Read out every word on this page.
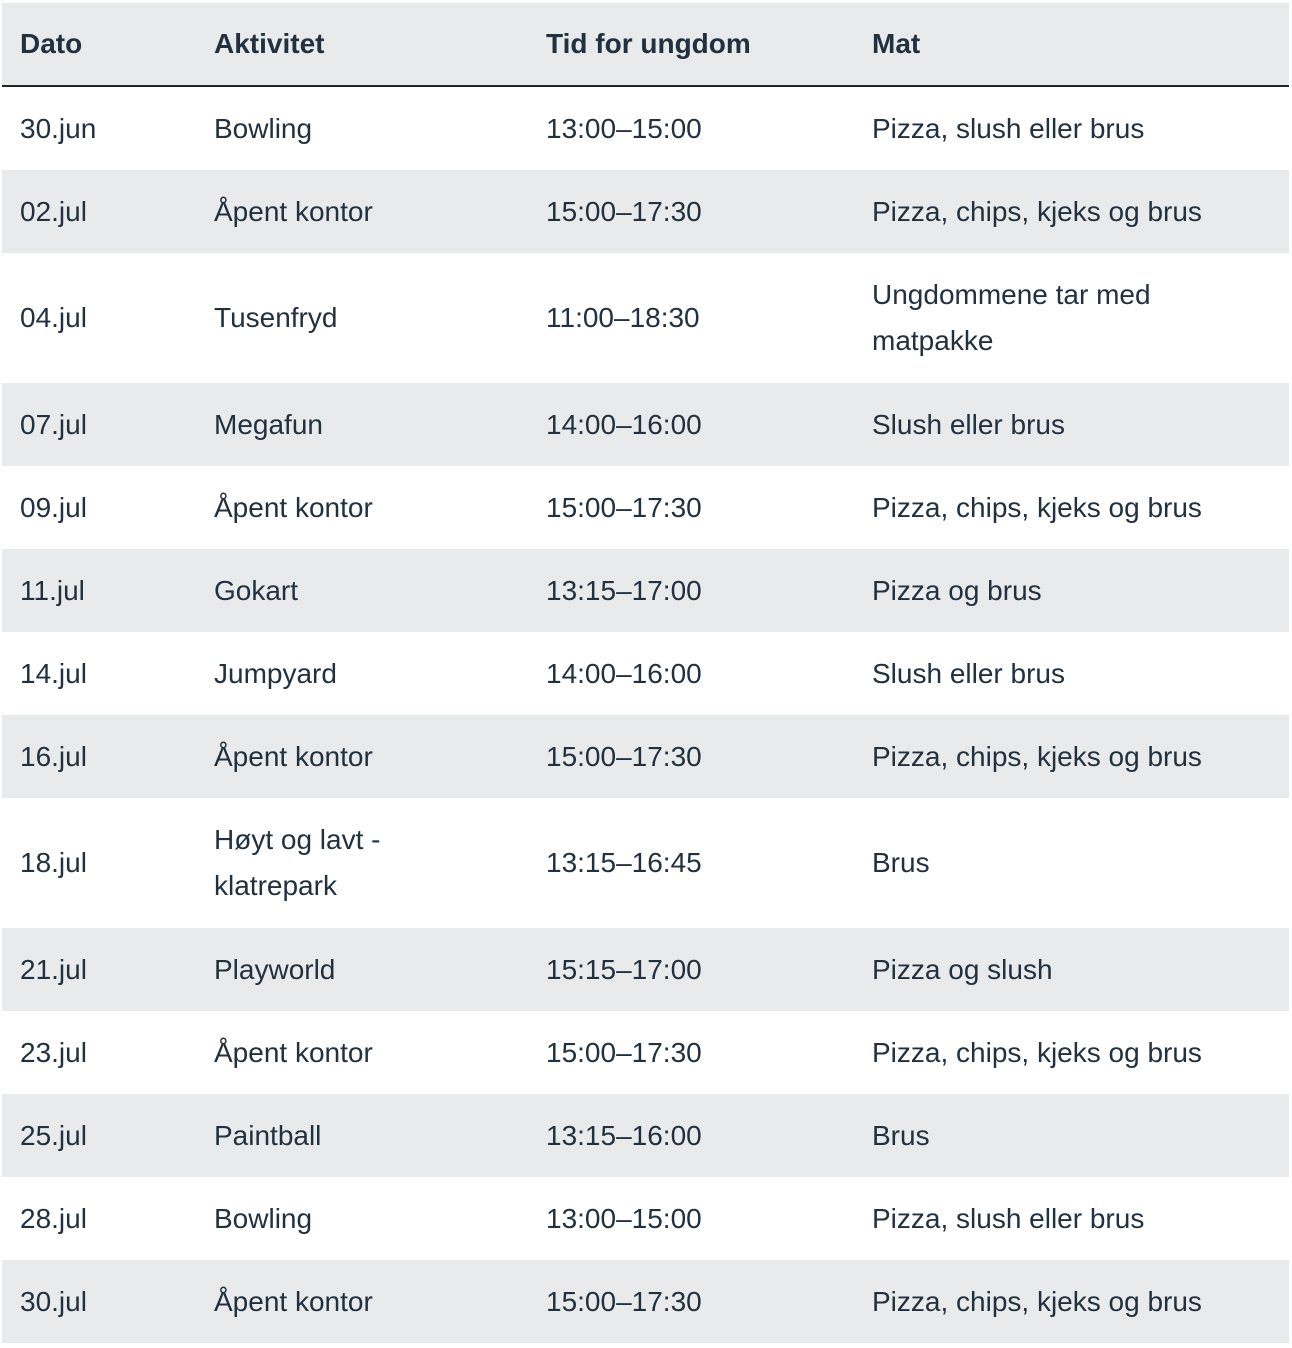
Dato	Aktivitet	Tid for ungdom	Mat
30.jun	Bowling	13:00–15:00	Pizza, slush eller brus
02.jul	Åpent kontor	15:00–17:30	Pizza, chips, kjeks og brus
04.jul	Tusenfryd	11:00–18:30	Ungdommene tar med matpakke

07.jul	Megafun	14:00–16:00	Slush eller brus
09.jul	Åpent kontor	15:00–17:30	Pizza, chips, kjeks og brus
11.jul	Gokart	13:15–17:00	Pizza og brus
14.jul	Jumpyard	14:00–16:00	Slush eller brus
16.jul	Åpent kontor	15:00–17:30	Pizza, chips, kjeks og brus
18.jul	Høyt og lavt - klatrepark	13:15–16:45	Brus
21.jul	Playworld	15:15–17:00	Pizza og slush
23.jul	Åpent kontor	15:00–17:30	Pizza, chips, kjeks og brus
25.jul	Paintball	13:15–16:00	Brus
28.jul	Bowling	13:00–15:00	Pizza, slush eller brus
30.jul	Åpent kontor	15:00–17:30	Pizza, chips, kjeks og brus
